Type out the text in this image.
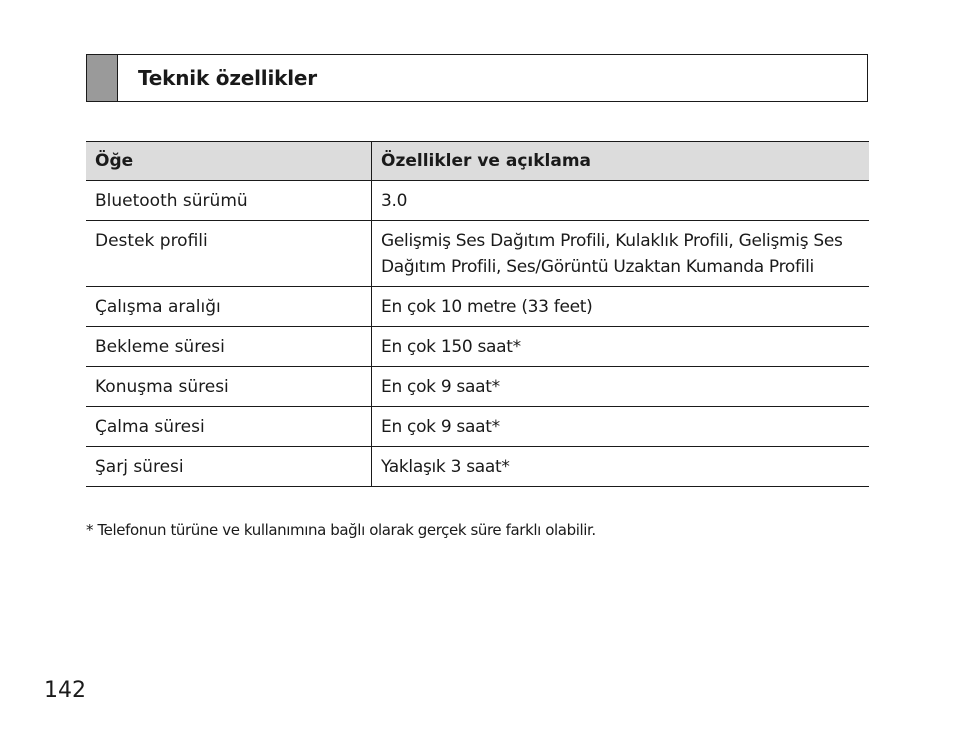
Teknik özellikler
Öğe	Özellikler ve açıklama
Bluetooth sürümü	3.0
Destek profili	Gelişmiş Ses Dağıtım Profili, Kulaklık Profili, Gelişmiş Ses Dağıtım Profili, Ses/Görüntü Uzaktan Kumanda Profili
Çalışma aralığı	En çok 10 metre (33 feet)
Bekleme süresi	En çok 150 saat*
Konuşma süresi	En çok 9 saat*
Çalma süresi	En çok 9 saat*
Şarj süresi	Yaklaşık 3 saat*
* Telefonun türüne ve kullanımına bağlı olarak gerçek süre farklı olabilir.
142
